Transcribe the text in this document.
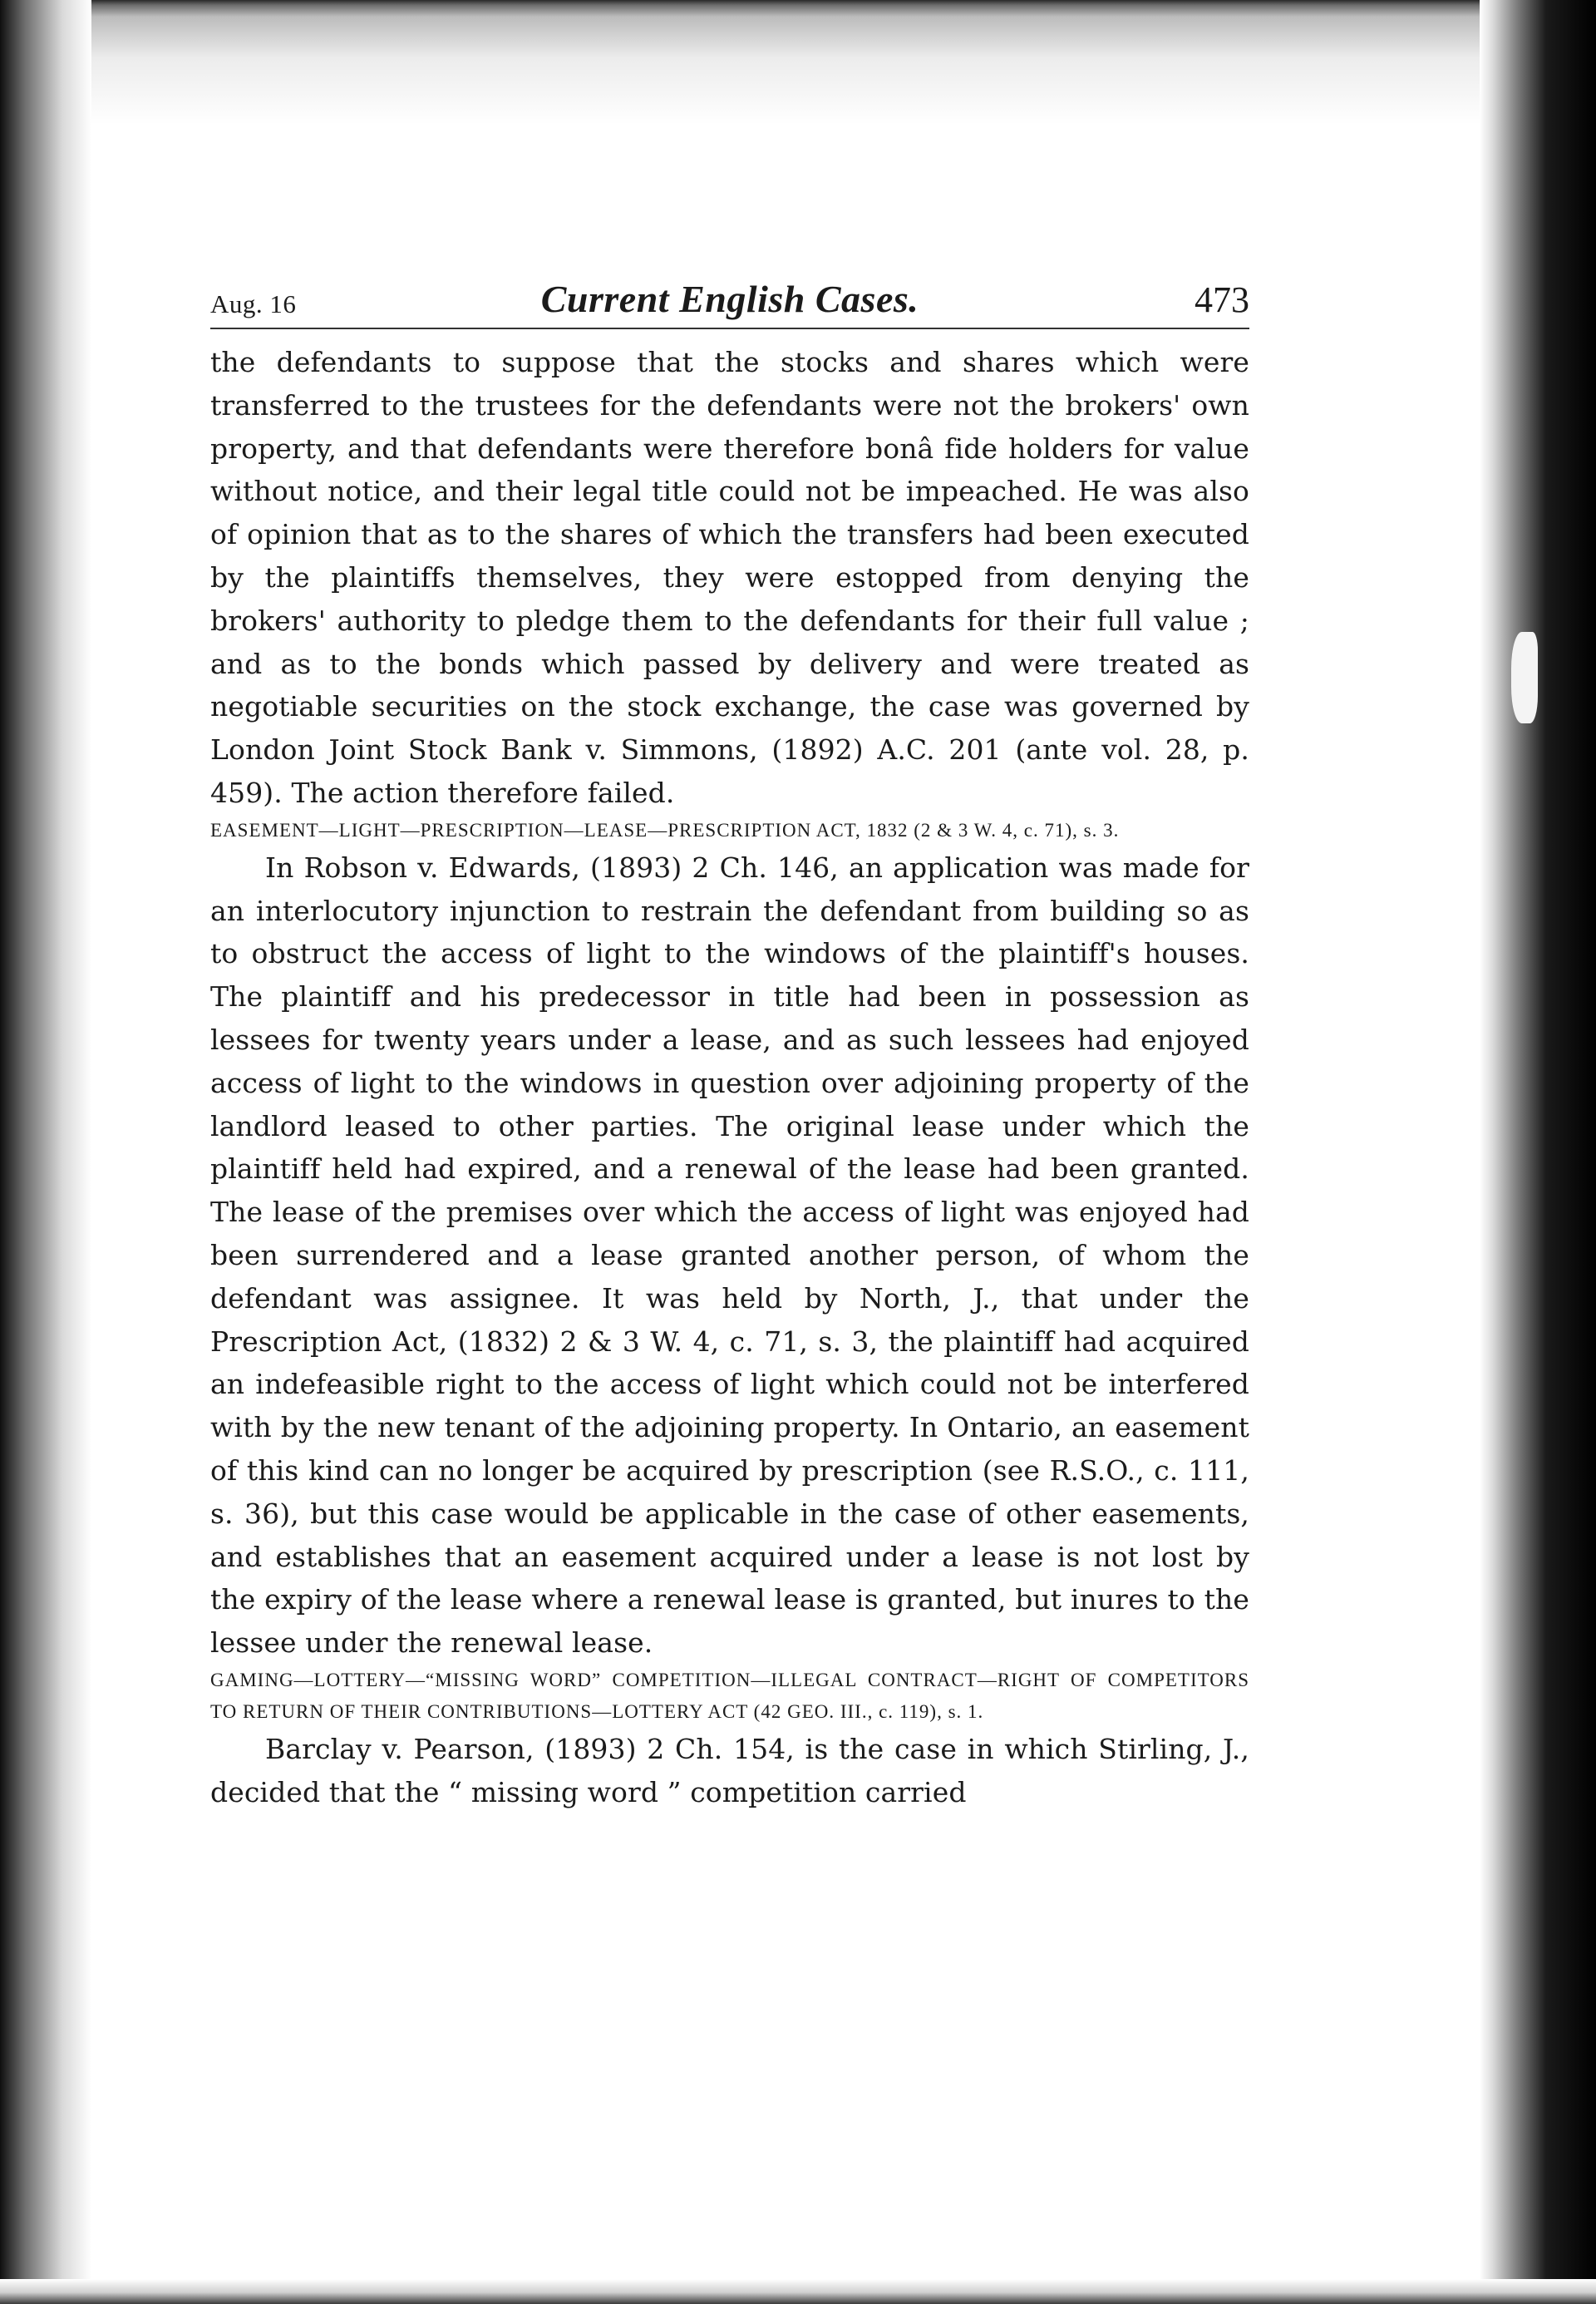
Aug. 16	Current English Cases.	473

the defendants to suppose that the stocks and shares which were transferred to the trustees for the defendants were not the brokers' own property, and that defendants were therefore bonâ fide holders for value without notice, and their legal title could not be impeached. He was also of opinion that as to the shares of which the transfers had been executed by the plaintiffs themselves, they were estopped from denying the brokers' authority to pledge them to the defendants for their full value ; and as to the bonds which passed by delivery and were treated as negotiable securities on the stock exchange, the case was governed by London Joint Stock Bank v. Simmons, (1892) A.C. 201 (ante vol. 28, p. 459). The action therefore failed.

EASEMENT—LIGHT—PRESCRIPTION—LEASE—PRESCRIPTION ACT, 1832 (2 & 3 W. 4, c. 71), s. 3.

In Robson v. Edwards, (1893) 2 Ch. 146, an application was made for an interlocutory injunction to restrain the defendant from building so as to obstruct the access of light to the windows of the plaintiff's houses. The plaintiff and his predecessor in title had been in possession as lessees for twenty years under a lease, and as such lessees had enjoyed access of light to the windows in question over adjoining property of the landlord leased to other parties. The original lease under which the plaintiff held had expired, and a renewal of the lease had been granted. The lease of the premises over which the access of light was enjoyed had been surrendered and a lease granted another person, of whom the defendant was assignee. It was held by North, J., that under the Prescription Act, (1832) 2 & 3 W. 4, c. 71, s. 3, the plaintiff had acquired an indefeasible right to the access of light which could not be interfered with by the new tenant of the adjoining property. In Ontario, an easement of this kind can no longer be acquired by prescription (see R.S.O., c. 111, s. 36), but this case would be applicable in the case of other easements, and establishes that an easement acquired under a lease is not lost by the expiry of the lease where a renewal lease is granted, but inures to the lessee under the renewal lease.

GAMING—LOTTERY—“MISSING WORD” COMPETITION—ILLEGAL CONTRACT—RIGHT OF COMPETITORS TO RETURN OF THEIR CONTRIBUTIONS—LOTTERY ACT (42 GEO. III., c. 119), s. 1.

Barclay v. Pearson, (1893) 2 Ch. 154, is the case in which Stirling, J., decided that the “ missing word ” competition carried
